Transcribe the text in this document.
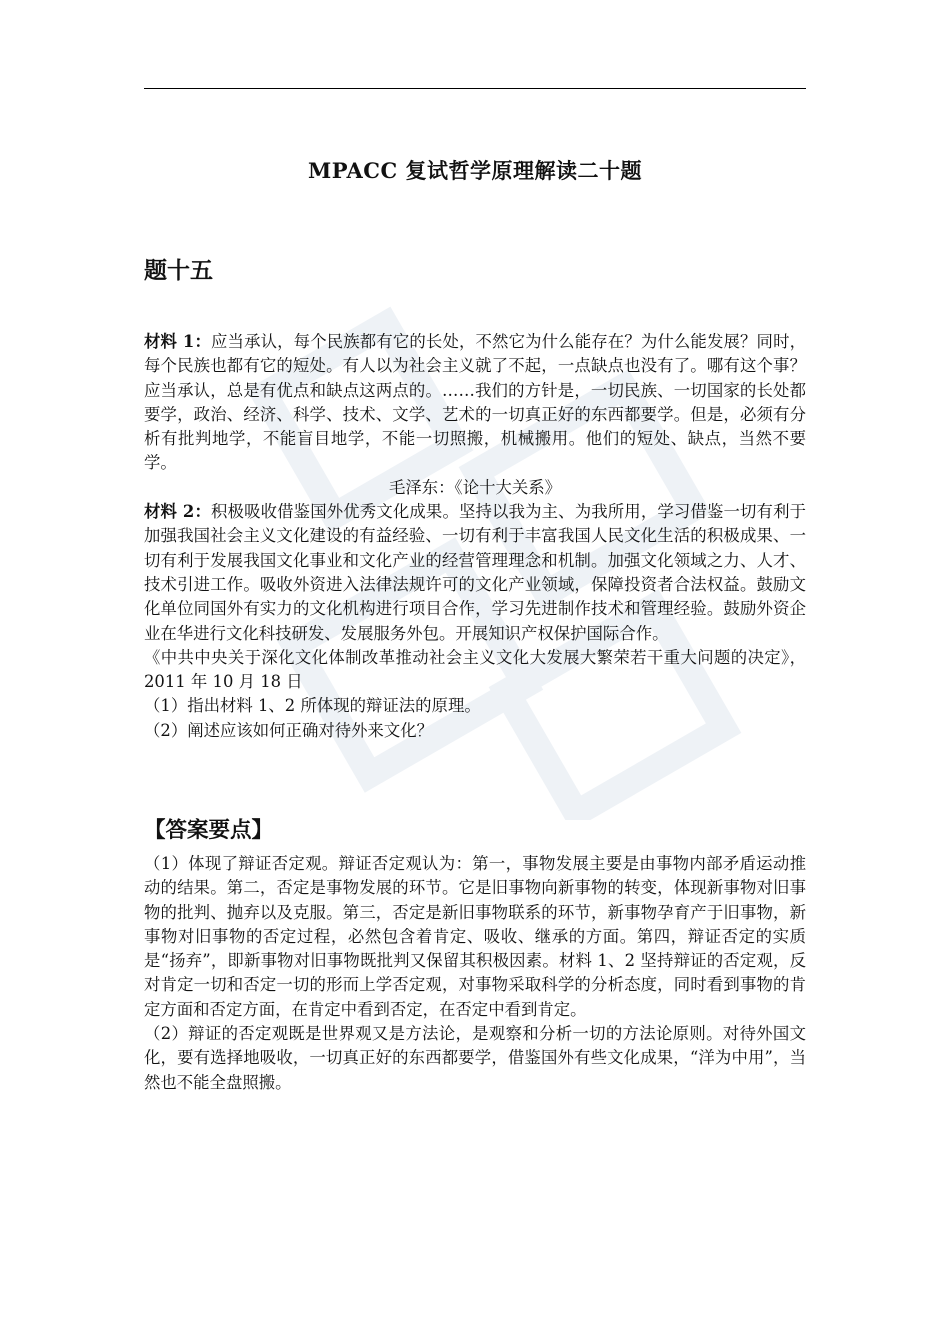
MPACC 复试哲学原理解读二十题
题十五

材料 1：应当承认，每个民族都有它的长处，不然它为什么能存在？为什么能发展？同时，每个民族也都有它的短处。有人以为社会主义就了不起，一点缺点也没有了。哪有这个事？应当承认，总是有优点和缺点这两点的。……我们的方针是，一切民族、一切国家的长处都要学，政治、经济、科学、技术、文学、艺术的一切真正好的东西都要学。但是，必须有分析有批判地学，不能盲目地学，不能一切照搬，机械搬用。他们的短处、缺点，当然不要学。

毛泽东：《论十大关系》

材料 2：积极吸收借鉴国外优秀文化成果。坚持以我为主、为我所用，学习借鉴一切有利于加强我国社会主义文化建设的有益经验、一切有利于丰富我国人民文化生活的积极成果、一切有利于发展我国文化事业和文化产业的经营管理理念和机制。加强文化领域之力、人才、技术引进工作。吸收外资进入法律法规许可的文化产业领域，保障投资者合法权益。鼓励文化单位同国外有实力的文化机构进行项目合作，学习先进制作技术和管理经验。鼓励外资企业在华进行文化科技研发、发展服务外包。开展知识产权保护国际合作。

《中共中央关于深化文化体制改革推动社会主义文化大发展大繁荣若干重大问题的决定》，2011 年 10 月 18 日

（1）指出材料 1、2 所体现的辩证法的原理。

（2）阐述应该如何正确对待外来文化？

【答案要点】

（1）体现了辩证否定观。辩证否定观认为：第一，事物发展主要是由事物内部矛盾运动推动的结果。第二，否定是事物发展的环节。它是旧事物向新事物的转变，体现新事物对旧事物的批判、抛弃以及克服。第三，否定是新旧事物联系的环节，新事物孕育产于旧事物，新事物对旧事物的否定过程，必然包含着肯定、吸收、继承的方面。第四，辩证否定的实质是“扬弃”，即新事物对旧事物既批判又保留其积极因素。材料 1、2 坚持辩证的否定观，反对肯定一切和否定一切的形而上学否定观，对事物采取科学的分析态度，同时看到事物的肯定方面和否定方面，在肯定中看到否定，在否定中看到肯定。

（2）辩证的否定观既是世界观又是方法论，是观察和分析一切的方法论原则。对待外国文化，要有选择地吸收，一切真正好的东西都要学，借鉴国外有些文化成果，“洋为中用”，当然也不能全盘照搬。
